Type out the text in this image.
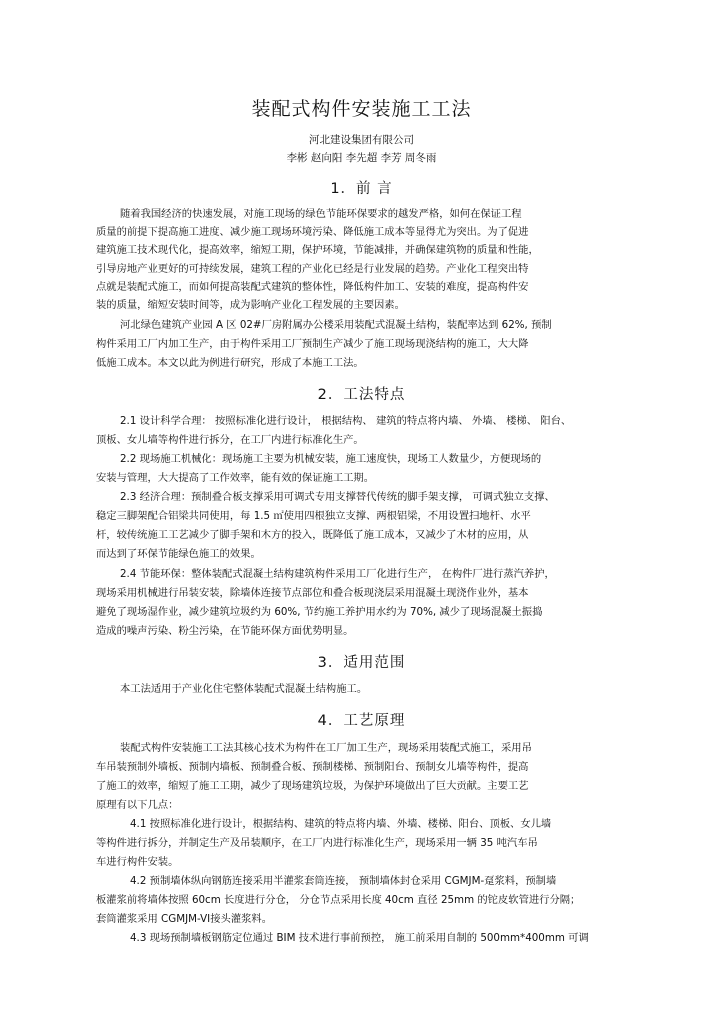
装配式构件安装施工工法
河北建设集团有限公司
李彬 赵向阳 李先超 李芳 周冬雨
1．前 言
随着我国经济的快速发展，对施工现场的绿色节能环保要求的越发严格，如何在保证工程
质量的前提下提高施工进度、减少施工现场环境污染、降低施工成本等显得尤为突出。为了促进
建筑施工技术现代化，提高效率，缩短工期，保护环境，节能减排，并确保建筑物的质量和性能，
引导房地产业更好的可持续发展，建筑工程的产业化已经是行业发展的趋势。产业化工程突出特
点就是装配式施工，而如何提高装配式建筑的整体性，降低构件加工、安装的难度，提高构件安
装的质量，缩短安装时间等，成为影响产业化工程发展的主要因素。
河北绿色建筑产业园 A 区 02#厂房附属办公楼采用装配式混凝土结构，装配率达到 62%, 预制
构件采用工厂内加工生产，由于构件采用工厂预制生产减少了施工现场现浇结构的施工，大大降
低施工成本。本文以此为例进行研究，形成了本施工工法。
2．工法特点
2.1 设计科学合理： 按照标准化进行设计， 根据结构、 建筑的特点将内墙、 外墙、 楼梯、 阳台、
顶板、女儿墙等构件进行拆分，在工厂内进行标准化生产。
2.2 现场施工机械化：现场施工主要为机械安装，施工速度快，现场工人数量少，方便现场的
安装与管理，大大提高了工作效率，能有效的保证施工工期。
2.3 经济合理：预制叠合板支撑采用可调式专用支撑替代传统的脚手架支撑， 可调式独立支撑、
稳定三脚架配合铝梁共同使用，每 1.5 ㎡使用四根独立支撑、两根铝梁，不用设置扫地杆、水平
杆，较传统施工工艺减少了脚手架和木方的投入，既降低了施工成本，又减少了木材的应用，从
而达到了环保节能绿色施工的效果。
2.4 节能环保：整体装配式混凝土结构建筑构件采用工厂化进行生产， 在构件厂进行蒸汽养护，
现场采用机械进行吊装安装，除墙体连接节点部位和叠合板现浇层采用混凝土现浇作业外，基本
避免了现场湿作业，减少建筑垃圾约为 60%, 节约施工养护用水约为 70%, 减少了现场混凝土振捣
造成的噪声污染、粉尘污染，在节能环保方面优势明显。
3．适用范围
本工法适用于产业化住宅整体装配式混凝土结构施工。
4．工艺原理
装配式构件安装施工工法其核心技术为构件在工厂加工生产，现场采用装配式施工，采用吊
车吊装预制外墙板、预制内墙板、预制叠合板、预制楼梯、预制阳台、预制女儿墙等构件，提高
了施工的效率，缩短了施工工期，减少了现场建筑垃圾，为保护环境做出了巨大贡献。主要工艺
原理有以下几点：
4.1 按照标准化进行设计，根据结构、建筑的特点将内墙、外墙、楼梯、阳台、顶板、女儿墙
等构件进行拆分，并制定生产及吊装顺序，在工厂内进行标准化生产，现场采用一辆 35 吨汽车吊
车进行构件安装。
4.2 预制墙体纵向钢筋连接采用半灌浆套筒连接， 预制墙体封仓采用 CGMJM-趸浆料，预制墙
板灌浆前将墙体按照 60cm 长度进行分仓， 分仓节点采用长度 40cm 直径 25mm 的铊皮软管进行分隔；
套筒灌浆采用 CGMJM-VI接头灌浆料。
4.3 现场预制墙板钢筋定位通过 BIM 技术进行事前预控， 施工前采用自制的 500mm*400mm 可调
